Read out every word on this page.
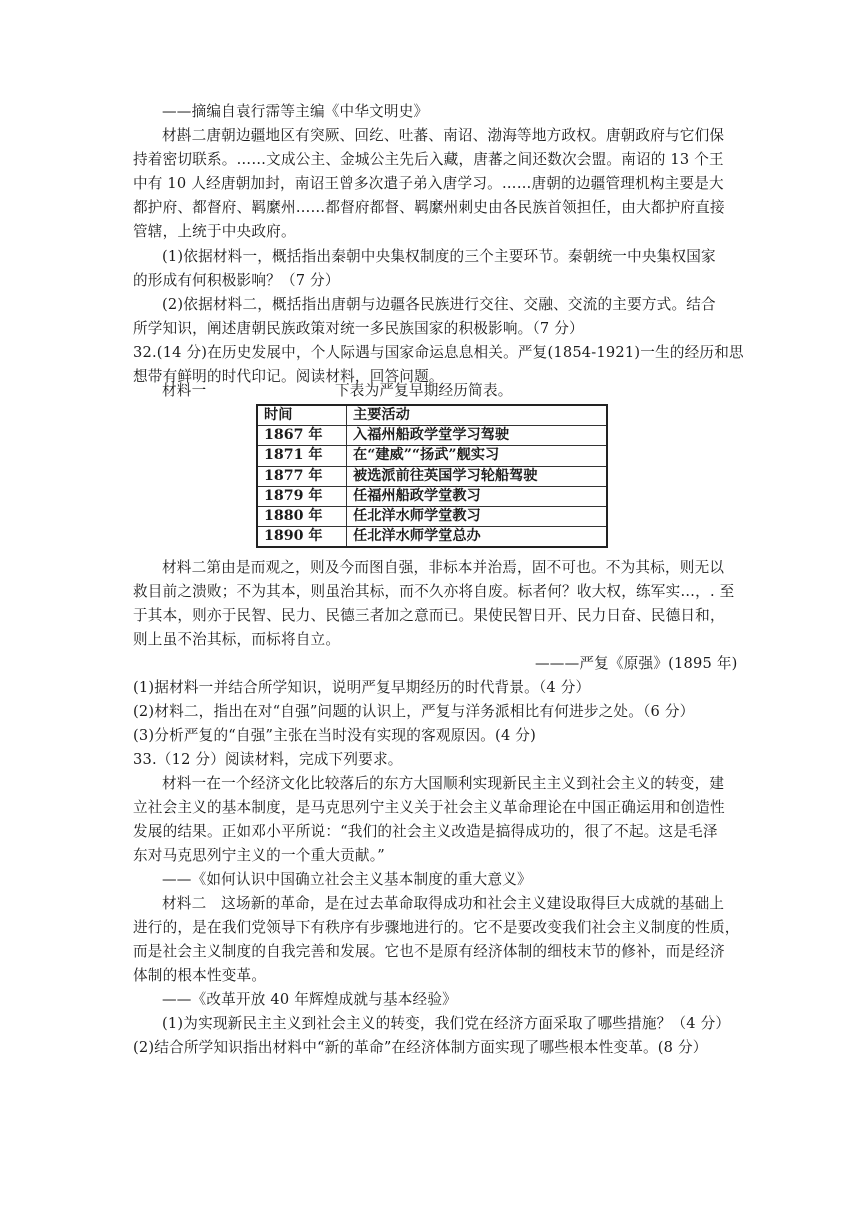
——摘编自袁行霈等主编《中华文明史》
材斟二唐朝边疆地区有突厥、回纥、吐蕃、南诏、渤海等地方政权。唐朝政府与它们保
持着密切联系。……文成公主、金城公主先后入藏，唐蕃之间还数次会盟。南诏的 13 个王
中有 10 人经唐朝加封，南诏王曾多次遣子弟入唐学习。……唐朝的边疆管理机构主要是大
都护府、都督府、羁縻州……都督府都督、羁縻州刺史由各民族首领担任，由大都护府直接
管辖，上统于中央政府。
(1)依据材料一，概括指出秦朝中央集权制度的三个主要环节。秦朝统一中央集权国家
的形成有何积极影响？（7 分）
(2)依据材料二，概括指出唐朝与边疆各民族进行交往、交融、交流的主要方式。结合
所学知识，阐述唐朝民族政策对统一多民族国家的积极影响。（7 分）
32.(14 分)在历史发展中，个人际遇与国家命运息息相关。严复(1854-1921)一生的经历和思
想带有鲜明的时代印记。阅读材料，回答问题。
材料一	下表为严复早期经历简表。
时间	主要活动
1867 年	入福州船政学堂学习驾驶
1871 年	在“建威”“扬武”舰实习
1877 年	被选派前往英国学习轮船驾驶
1879 年	任福州船政学堂教习
1880 年	任北洋水师学堂教习
1890 年	任北洋水师学堂总办
材料二第由是而观之，则及今而图自强，非标本并治焉，固不可也。不为其标，则无以
救目前之溃败；不为其本，则虽治其标，而不久亦将自废。标者何？收大权，练军实…，. 至
于其本，则亦于民智、民力、民德三者加之意而已。果使民智日开、民力日奋、民德日和，
则上虽不治其标，而标将自立。
———严复《原强》(1895 年)
(1)据材料一并结合所学知识，说明严复早期经历的时代背景。（4 分）
(2)材料二，指出在对“自强”问题的认识上，严复与洋务派相比有何进步之处。（6 分）
(3)分析严复的“自强”主张在当时没有实现的客观原因。(4 分)
33.（12 分）阅读材料，完成下列要求。
材料一在一个经济文化比较落后的东方大国顺利实现新民主主义到社会主义的转变，建
立社会主义的基本制度，是马克思列宁主义关于社会主义革命理论在中国正确运用和创造性
发展的结果。正如邓小平所说：“我们的社会主义改造是搞得成功的，很了不起。这是毛泽
东对马克思列宁主义的一个重大贡献。”
——《如何认识中国确立社会主义基本制度的重大意义》
材料二　这场新的革命，是在过去革命取得成功和社会主义建设取得巨大成就的基础上
进行的，是在我们党领导下有秩序有步骤地进行的。它不是要改变我们社会主义制度的性质，
而是社会主义制度的自我完善和发展。它也不是原有经济体制的细枝末节的修补，而是经济
体制的根本性变革。
——《改革开放 40 年辉煌成就与基本经验》
(1)为实现新民主主义到社会主义的转变，我们党在经济方面采取了哪些措施？（4 分）
(2)结合所学知识指出材料中“新的革命”在经济体制方面实现了哪些根本性变革。(8 分）
